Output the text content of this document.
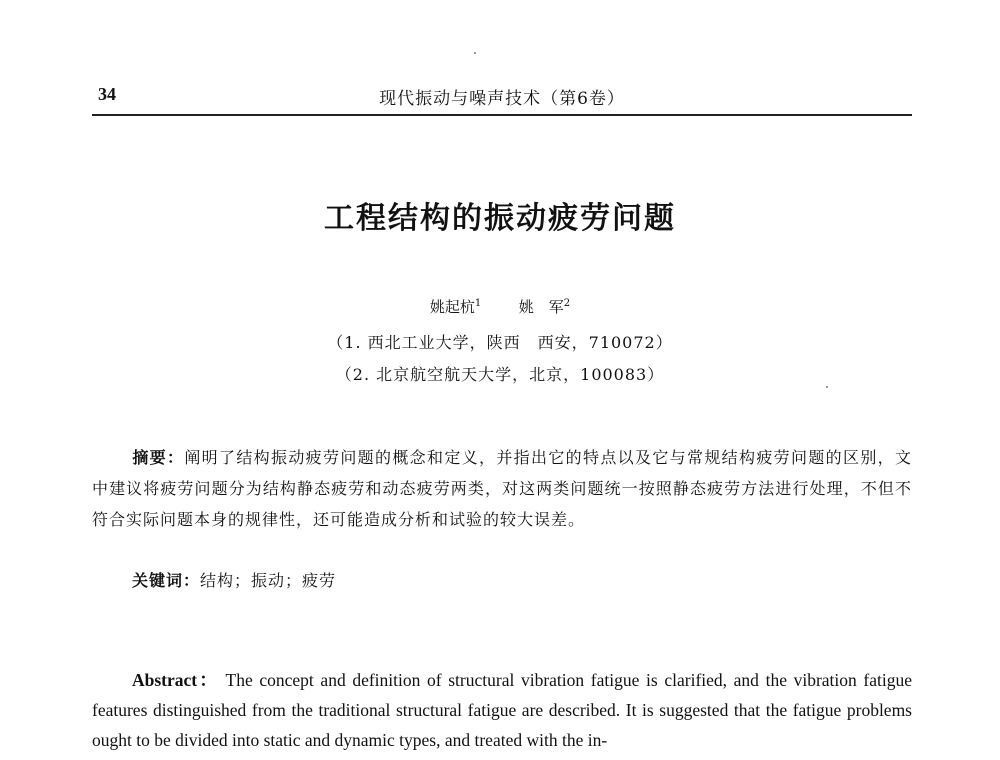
34	现代振动与噪声技术（第6卷）
工程结构的振动疲劳问题
姚起杭$^1$	姚　军$^2$
（1. 西北工业大学，陕西　西安，710072）
（2. 北京航空航天大学，北京，100083）
摘要：阐明了结构振动疲劳问题的概念和定义，并指出它的特点以及它与常规结构疲劳问题的区别，文中建议将疲劳问题分为结构静态疲劳和动态疲劳两类，对这两类问题统一按照静态疲劳方法进行处理，不但不符合实际问题本身的规律性，还可能造成分析和试验的较大误差。
关键词：结构；振动；疲劳
Abstract： The concept and definition of structural vibration fatigue is clarified, and the vibration fatigue features distinguished from the traditional structural fatigue are described. It is suggested that the fatigue problems ought to be divided into static and dynamic types, and treated with the in-
